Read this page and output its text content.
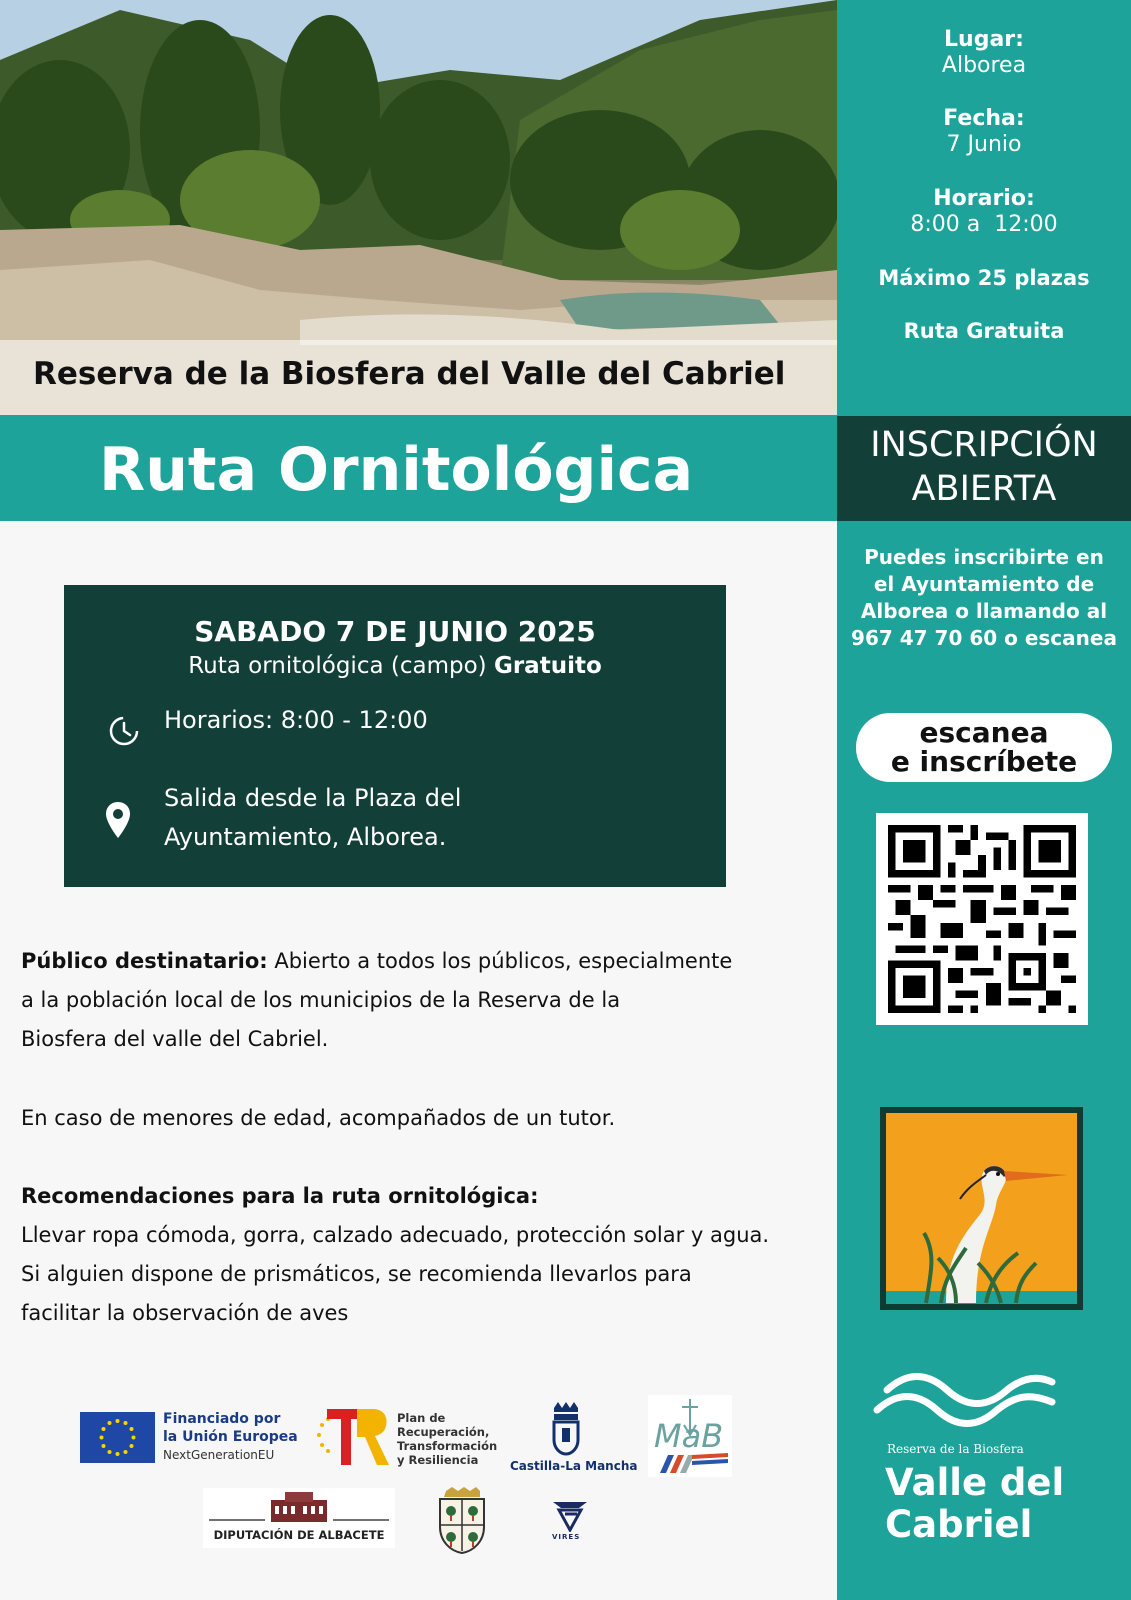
Reserva de la Biosfera del Valle del Cabriel
Ruta Ornitológica
Lugar:
Alborea
Fecha:
7 Junio
Horario:
8:00 a  12:00
Máximo 25 plazas
Ruta Gratuita
INSCRIPCIÓN
ABIERTA
Puedes inscribirte en
el Ayuntamiento de
Alborea o llamando al
967 47 70 60 o escanea
escanea
e inscríbete
Reserva de la Biosfera
Valle del
Cabriel
SABADO 7 DE JUNIO 2025
Ruta ornitológica (campo) Gratuito
Horarios: 8:00 - 12:00
Salida desde la Plaza del
Ayuntamiento, Alborea.
Público destinatario: Abierto a todos los públicos, especialmente
a la población local de los municipios de la Reserva de la
Biosfera del valle del Cabriel.
En caso de menores de edad, acompañados de un tutor.
Recomendaciones para la ruta ornitológica:
Llevar ropa cómoda, gorra, calzado adecuado, protección solar y agua.
Si alguien dispone de prismáticos, se recomienda llevarlos para
facilitar la observación de aves
Financiado por
la Unión Europea
NextGenerationEU
Plan de
Recuperación,
Transformación
y Resiliencia	Castilla-La Mancha
MaB
DIPUTACIÓN DE ALBACETE	VIRES
